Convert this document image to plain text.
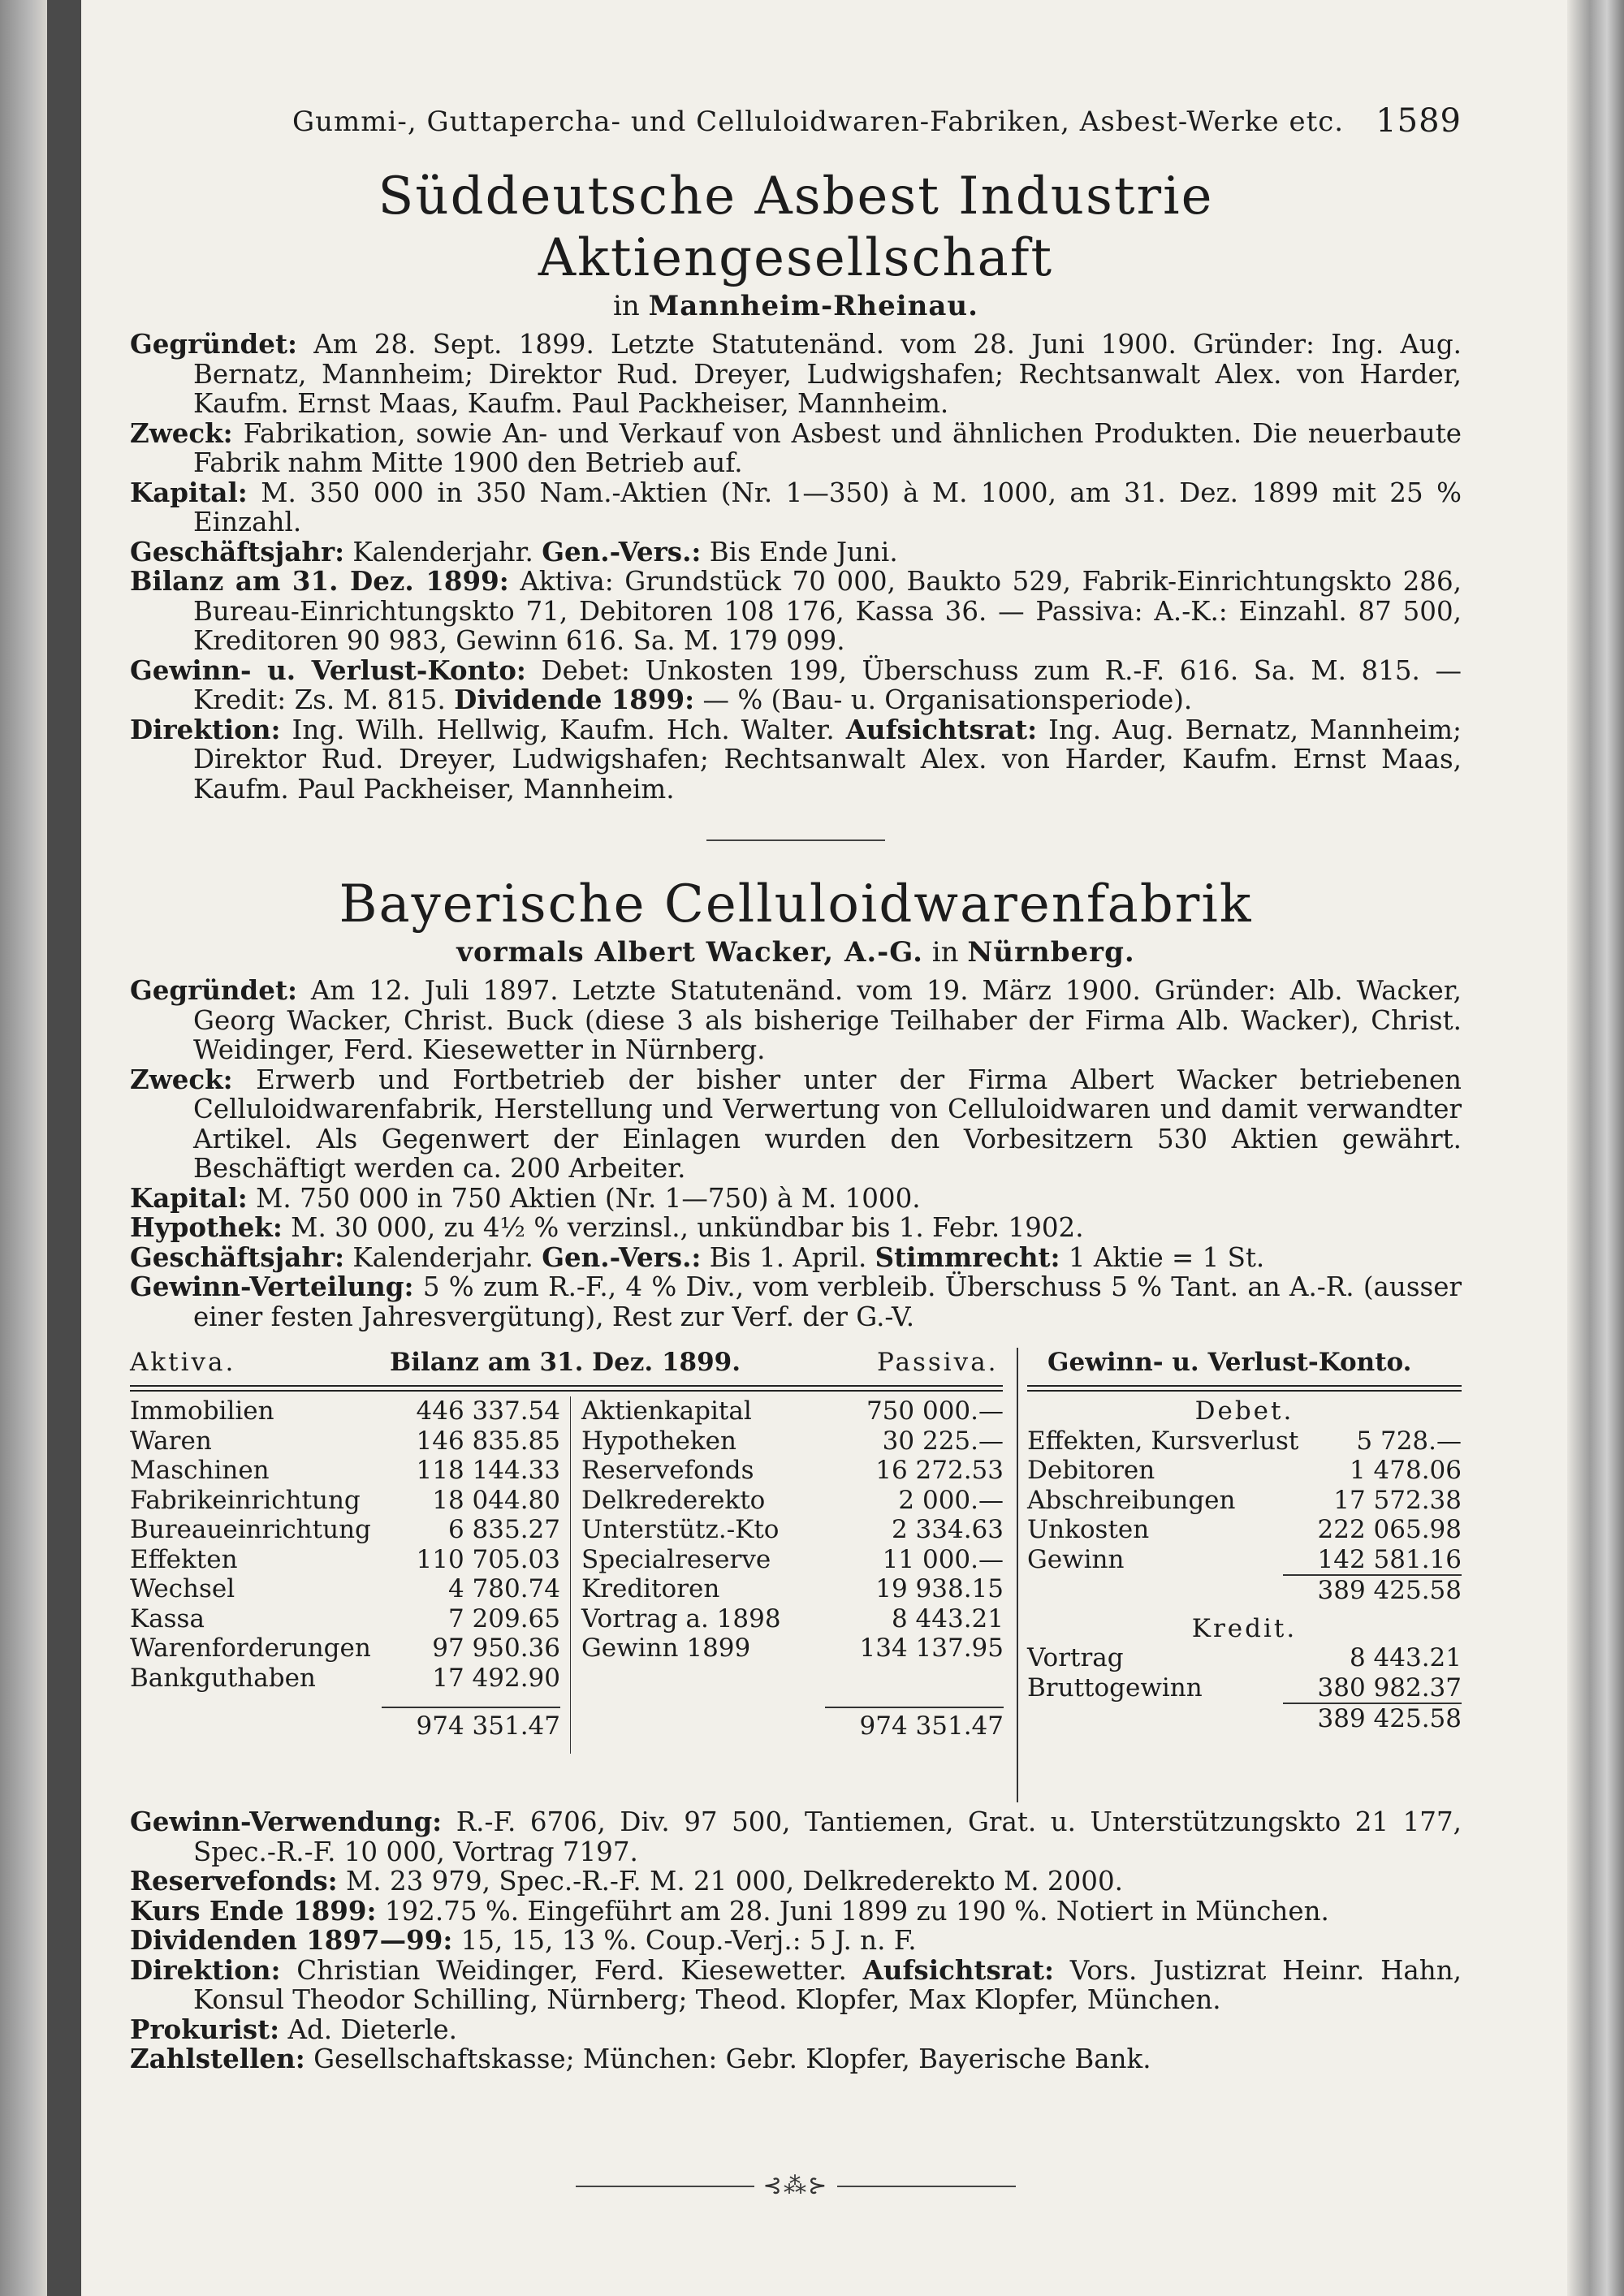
Gummi-, Guttapercha- und Celluloidwaren-Fabriken, Asbest-Werke etc. 1589
Süddeutsche Asbest Industrie Aktiengesellschaft
in Mannheim-Rheinau.

Gegründet: Am 28. Sept. 1899. Letzte Statutenänd. vom 28. Juni 1900. Gründer: Ing. Aug. Bernatz, Mannheim; Direktor Rud. Dreyer, Ludwigshafen; Rechtsanwalt Alex. von Harder, Kaufm. Ernst Maas, Kaufm. Paul Packheiser, Mannheim.

Zweck: Fabrikation, sowie An- und Verkauf von Asbest und ähnlichen Produkten. Die neuerbaute Fabrik nahm Mitte 1900 den Betrieb auf.

Kapital: M. 350 000 in 350 Nam.-Aktien (Nr. 1—350) à M. 1000, am 31. Dez. 1899 mit 25 % Einzahl.

Geschäftsjahr: Kalenderjahr. Gen.-Vers.: Bis Ende Juni.

Bilanz am 31. Dez. 1899: Aktiva: Grundstück 70 000, Baukto 529, Fabrik-Einrichtungskto 286, Bureau-Einrichtungskto 71, Debitoren 108 176, Kassa 36. — Passiva: A.-K.: Einzahl. 87 500, Kreditoren 90 983, Gewinn 616. Sa. M. 179 099.

Gewinn- u. Verlust-Konto: Debet: Unkosten 199, Überschuss zum R.-F. 616. Sa. M. 815. — Kredit: Zs. M. 815. Dividende 1899: — % (Bau- u. Organisationsperiode).

Direktion: Ing. Wilh. Hellwig, Kaufm. Hch. Walter. Aufsichtsrat: Ing. Aug. Bernatz, Mannheim; Direktor Rud. Dreyer, Ludwigshafen; Rechtsanwalt Alex. von Harder, Kaufm. Ernst Maas, Kaufm. Paul Packheiser, Mannheim.

Bayerische Celluloidwarenfabrik
vormals Albert Wacker, A.-G. in Nürnberg.

Gegründet: Am 12. Juli 1897. Letzte Statutenänd. vom 19. März 1900. Gründer: Alb. Wacker, Georg Wacker, Christ. Buck (diese 3 als bisherige Teilhaber der Firma Alb. Wacker), Christ. Weidinger, Ferd. Kiesewetter in Nürnberg.

Zweck: Erwerb und Fortbetrieb der bisher unter der Firma Albert Wacker betriebenen Celluloidwarenfabrik, Herstellung und Verwertung von Celluloidwaren und damit verwandter Artikel. Als Gegenwert der Einlagen wurden den Vorbesitzern 530 Aktien gewährt. Beschäftigt werden ca. 200 Arbeiter.

Kapital: M. 750 000 in 750 Aktien (Nr. 1—750) à M. 1000.

Hypothek: M. 30 000, zu 4½ % verzinsl., unkündbar bis 1. Febr. 1902.

Geschäftsjahr: Kalenderjahr. Gen.-Vers.: Bis 1. April. Stimmrecht: 1 Aktie = 1 St.

Gewinn-Verteilung: 5 % zum R.-F., 4 % Div., vom verbleib. Überschuss 5 % Tant. an A.-R. (ausser einer festen Jahresvergütung), Rest zur Verf. der G.-V.

Aktiva.	Bilanz am 31. Dez. 1899.	Passiva. Gewinn- u. Verlust-Konto.
Immobilien	446 337.54
Waren	146 835.85
Maschinen	118 144.33
Fabrikeinrichtung	18 044.80
Bureaueinrichtung	6 835.27
Effekten	110 705.03
Wechsel	4 780.74
Kassa	7 209.65
Warenforderungen 97 950.36
Bankguthaben	17 492.90
974 351.47
Aktienkapital	750 000.—
Hypotheken	30 225.—
Reservefonds	16 272.53
Delkrederekto	2 000.—
Unterstütz.-Kto	2 334.63
Specialreserve	11 000.—
Kreditoren	19 938.15
Vortrag a. 1898	8 443.21
Gewinn 1899	134 137.95
974 351.47
Debet.
Effekten, Kursverlust 5 728.—
Debitoren	1 478.06
Abschreibungen	17 572.38
Unkosten	222 065.98
Gewinn	142 581.16
389 425.58
Kredit.
Vortrag	8 443.21
Bruttogewinn	380 982.37
389 425.58

Gewinn-Verwendung: R.-F. 6706, Div. 97 500, Tantiemen, Grat. u. Unterstützungskto 21 177, Spec.-R.-F. 10 000, Vortrag 7197.

Reservefonds: M. 23 979, Spec.-R.-F. M. 21 000, Delkrederekto M. 2000.

Kurs Ende 1899: 192.75 %. Eingeführt am 28. Juni 1899 zu 190 %. Notiert in München.

Dividenden 1897—99: 15, 15, 13 %. Coup.-Verj.: 5 J. n. F.

Direktion: Christian Weidinger, Ferd. Kiesewetter. Aufsichtsrat: Vors. Justizrat Heinr. Hahn, Konsul Theodor Schilling, Nürnberg; Theod. Klopfer, Max Klopfer, München.

Prokurist: Ad. Dieterle.

Zahlstellen: Gesellschaftskasse; München: Gebr. Klopfer, Bayerische Bank.

⊰⁂⊱
